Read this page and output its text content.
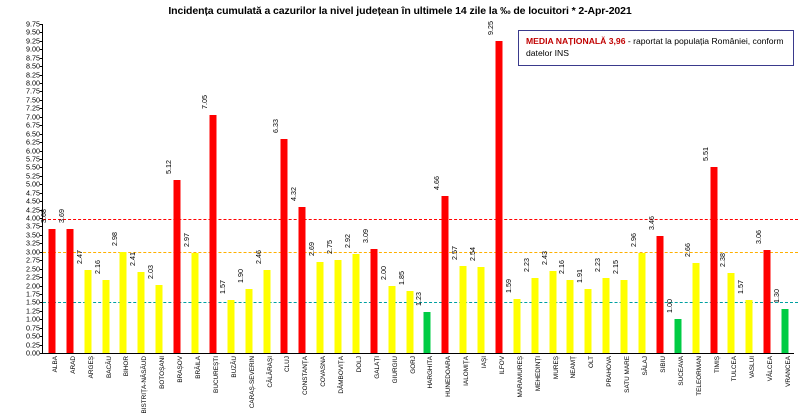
Incidența cumulată a cazurilor la nivel județean în ultimele 14 zile la ‰ de locuitori * 2-Apr-2021
9.75
9.50
9.25
9.00
8.75
8.50
8.25
8.00
7.75
7.50
7.25
7.00
6.75
6.50
6.25
6.00
5.75
5.50
5.25
5.00
4.75
4.50
4.25
4.00
3.75
3.50
3.25
3.00
2.75
2.50
2.25
2.00
1.75
1.50
1.25
1.00
0.75
0.50
0.25
0.00
3.68
ALBA
3.69
ARAD
2.47
ARGEȘ
2.16
BACĂU
2.98
BIHOR
2.41
BISTRIȚA-NĂSĂUD
2.03
BOTOȘANI
5.12
BRAȘOV
2.97
BRĂILA
7.05
BUCUREȘTI
1.57
BUZĂU
1.90
CARAȘ-SEVERIN
2.46
CĂLĂRAȘI
6.33
CLUJ
4.32
CONSTANȚA
2.69
COVASNA
2.75
DÂMBOVIȚA
2.92
DOLJ
3.09
GALAȚI
2.00
GIURGIU
1.85
GORJ
1.23
HARGHITA
4.66
HUNEDOARA
2.57
IALOMIȚA
2.54
IAȘI
9.25
ILFOV
1.59
MARAMUREȘ
2.23
MEHEDINȚI
2.43
MUREȘ
2.16
NEAMȚ
1.91
OLT
2.23
PRAHOVA
2.15
SATU MARE
2.96
SĂLAJ
3.46
SIBIU
1.00
SUCEAVA
2.66
TELEORMAN
5.51
TIMIȘ
2.38
TULCEA
1.57
VASLUI
3.06
VÂLCEA
1.30
VRANCEA
MEDIA NAȚIONALĂ 3,96 - raportat la populația României, conform datelor INS
